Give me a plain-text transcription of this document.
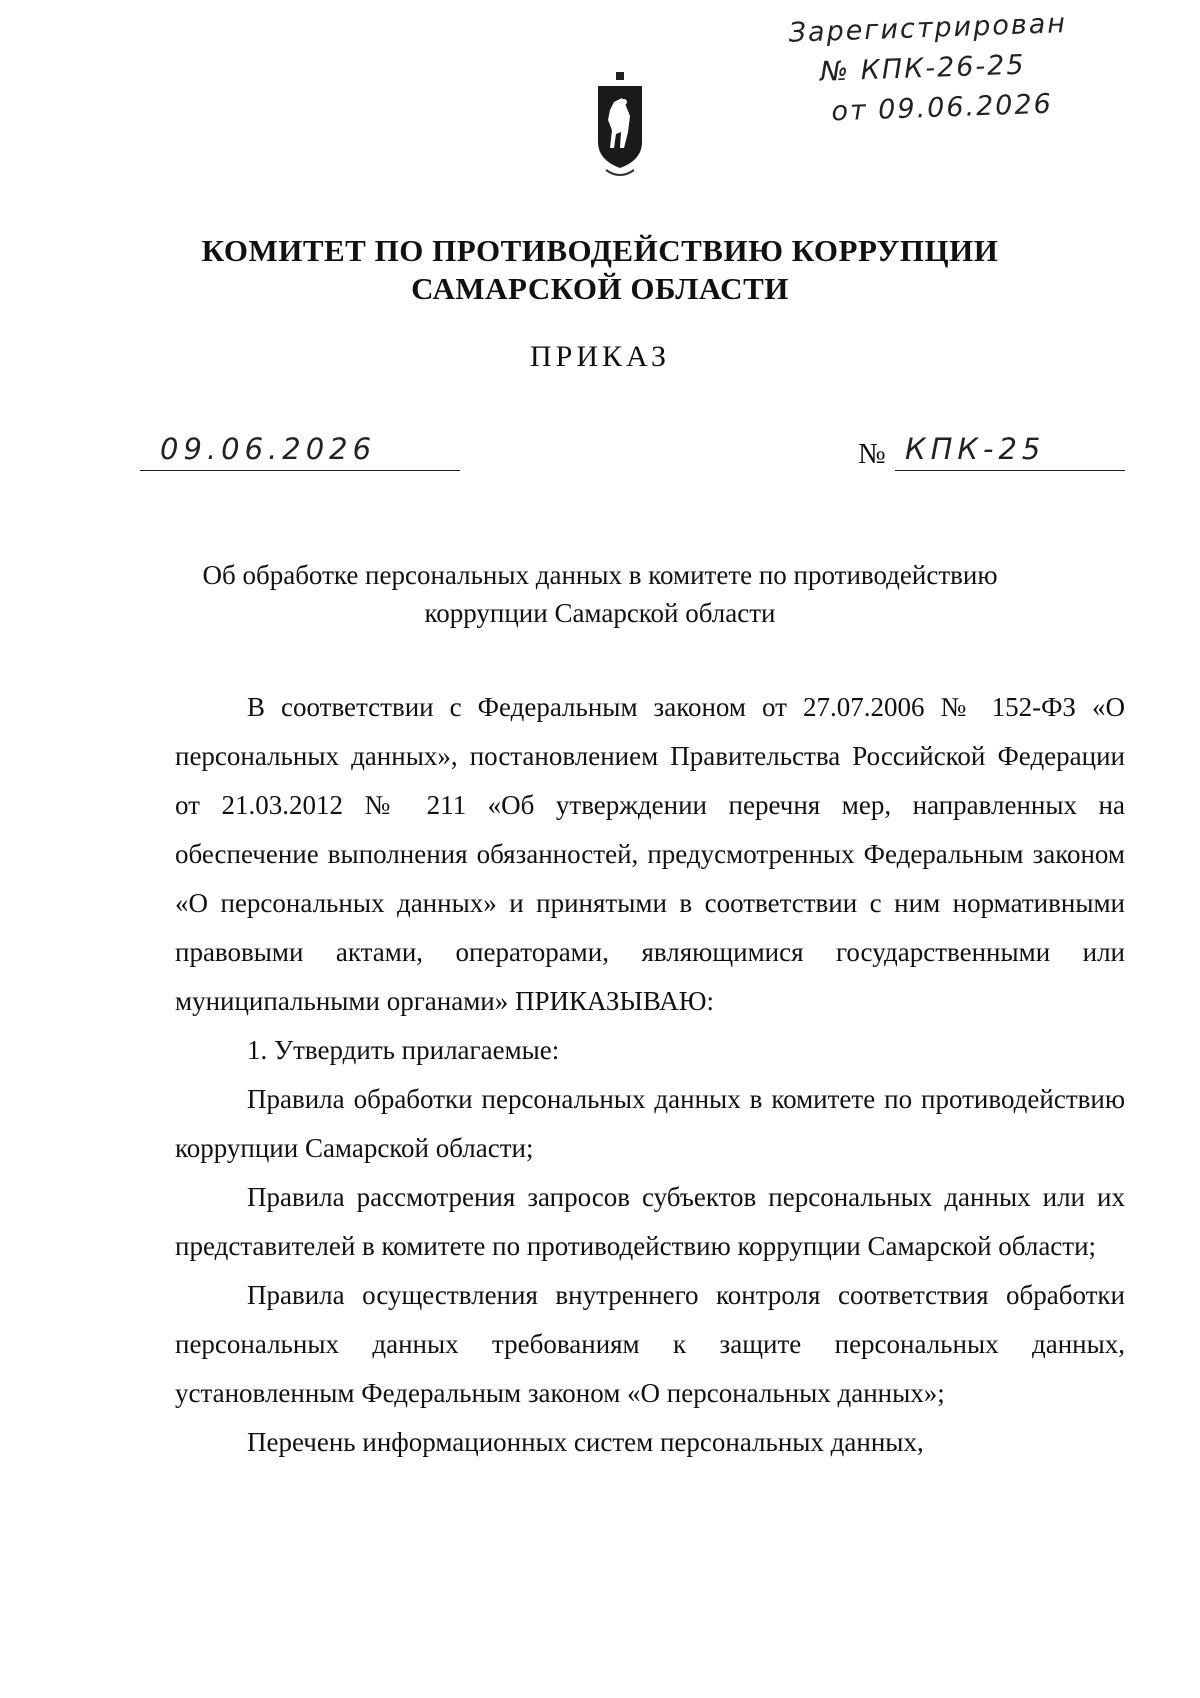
Зарегистрирован
№ КПК-26-25
от 09.06.2026
КОМИТЕТ ПО ПРОТИВОДЕЙСТВИЮ КОРРУПЦИИ
САМАРСКОЙ ОБЛАСТИ
ПРИКАЗ
09.06.2026	№ КПК-25
Об обработке персональных данных в комитете по противодействию
коррупции Самарской области

В соответствии с Федеральным законом от 27.07.2006 № 152-ФЗ «О персональных данных», постановлением Правительства Российской Федерации от 21.03.2012 № 211 «Об утверждении перечня мер, направленных на обеспечение выполнения обязанностей, предусмотренных Федеральным законом «О персональных данных» и принятыми в соответствии с ним нормативными правовыми актами, операторами, являющимися государственными или муниципальными органами» ПРИКАЗЫВАЮ:

1. Утвердить прилагаемые:

Правила обработки персональных данных в комитете по противодействию коррупции Самарской области;

Правила рассмотрения запросов субъектов персональных данных или их представителей в комитете по противодействию коррупции Самарской области;

Правила осуществления внутреннего контроля соответствия обработки персональных данных требованиям к защите персональных данных, установленным Федеральным законом «О персональных данных»;

Перечень информационных систем персональных данных,
